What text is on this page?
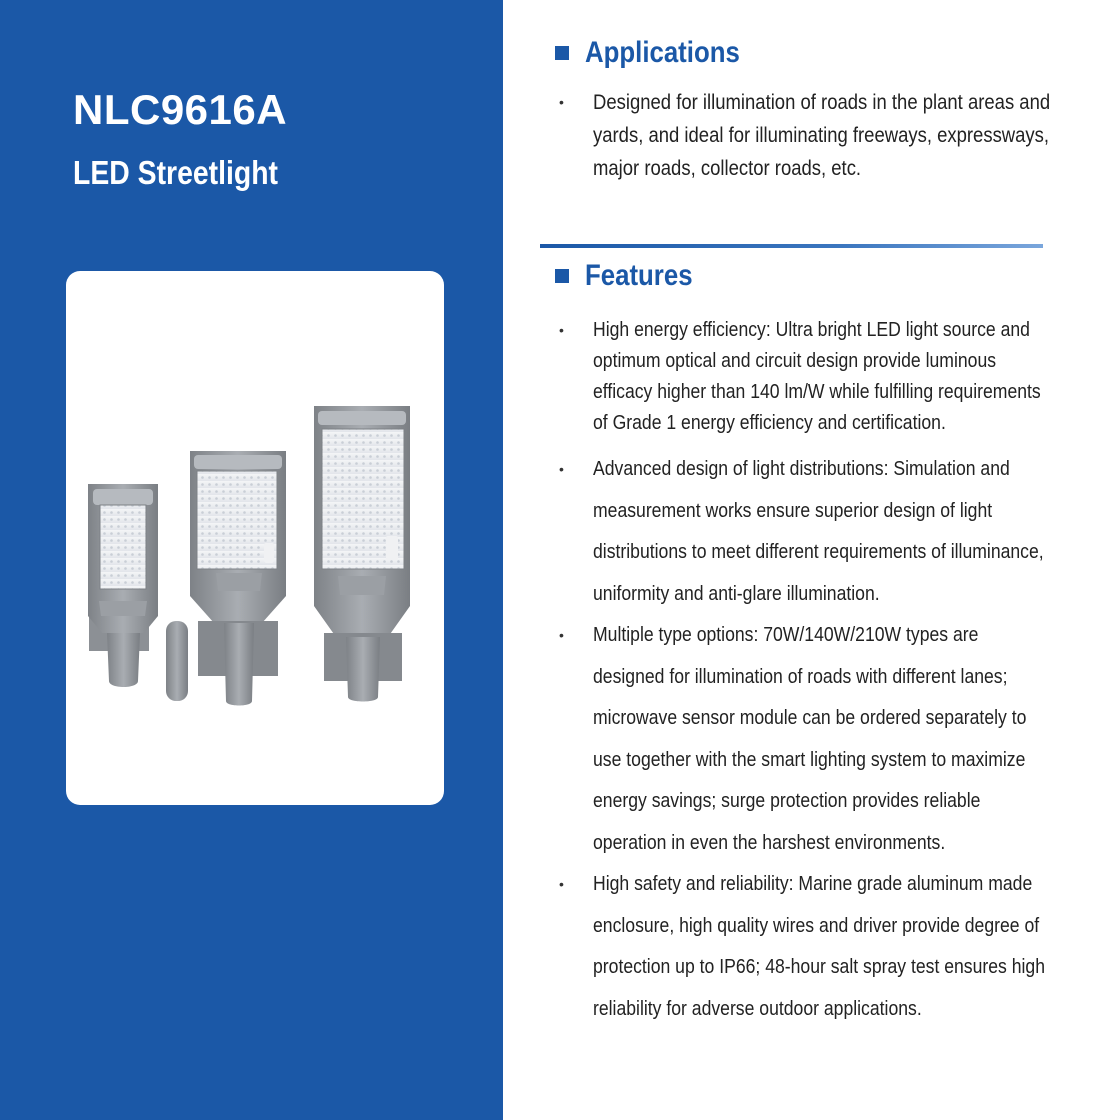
NLC9616A
LED Streetlight
Applications
• Designed for illumination of roads in the plant areas and yards, and ideal for illuminating freeways, expressways, major roads, collector roads, etc.
Features
• High energy efficiency: Ultra bright LED light source and optimum optical and circuit design provide luminous efficacy higher than 140 lm/W while fulfilling requirements of Grade 1 energy efficiency and certification.
• Advanced design of light distributions: Simulation and measurement works ensure superior design of light distributions to meet different requirements of illuminance, uniformity and anti-glare illumination.
• Multiple type options: 70W/140W/210W types are designed for illumination of roads with different lanes; microwave sensor module can be ordered separately to use together with the smart lighting system to maximize energy savings; surge protection provides reliable operation in even the harshest environments.
• High safety and reliability: Marine grade aluminum made enclosure, high quality wires and driver provide degree of protection up to IP66; 48-hour salt spray test ensures high reliability for adverse outdoor applications.
